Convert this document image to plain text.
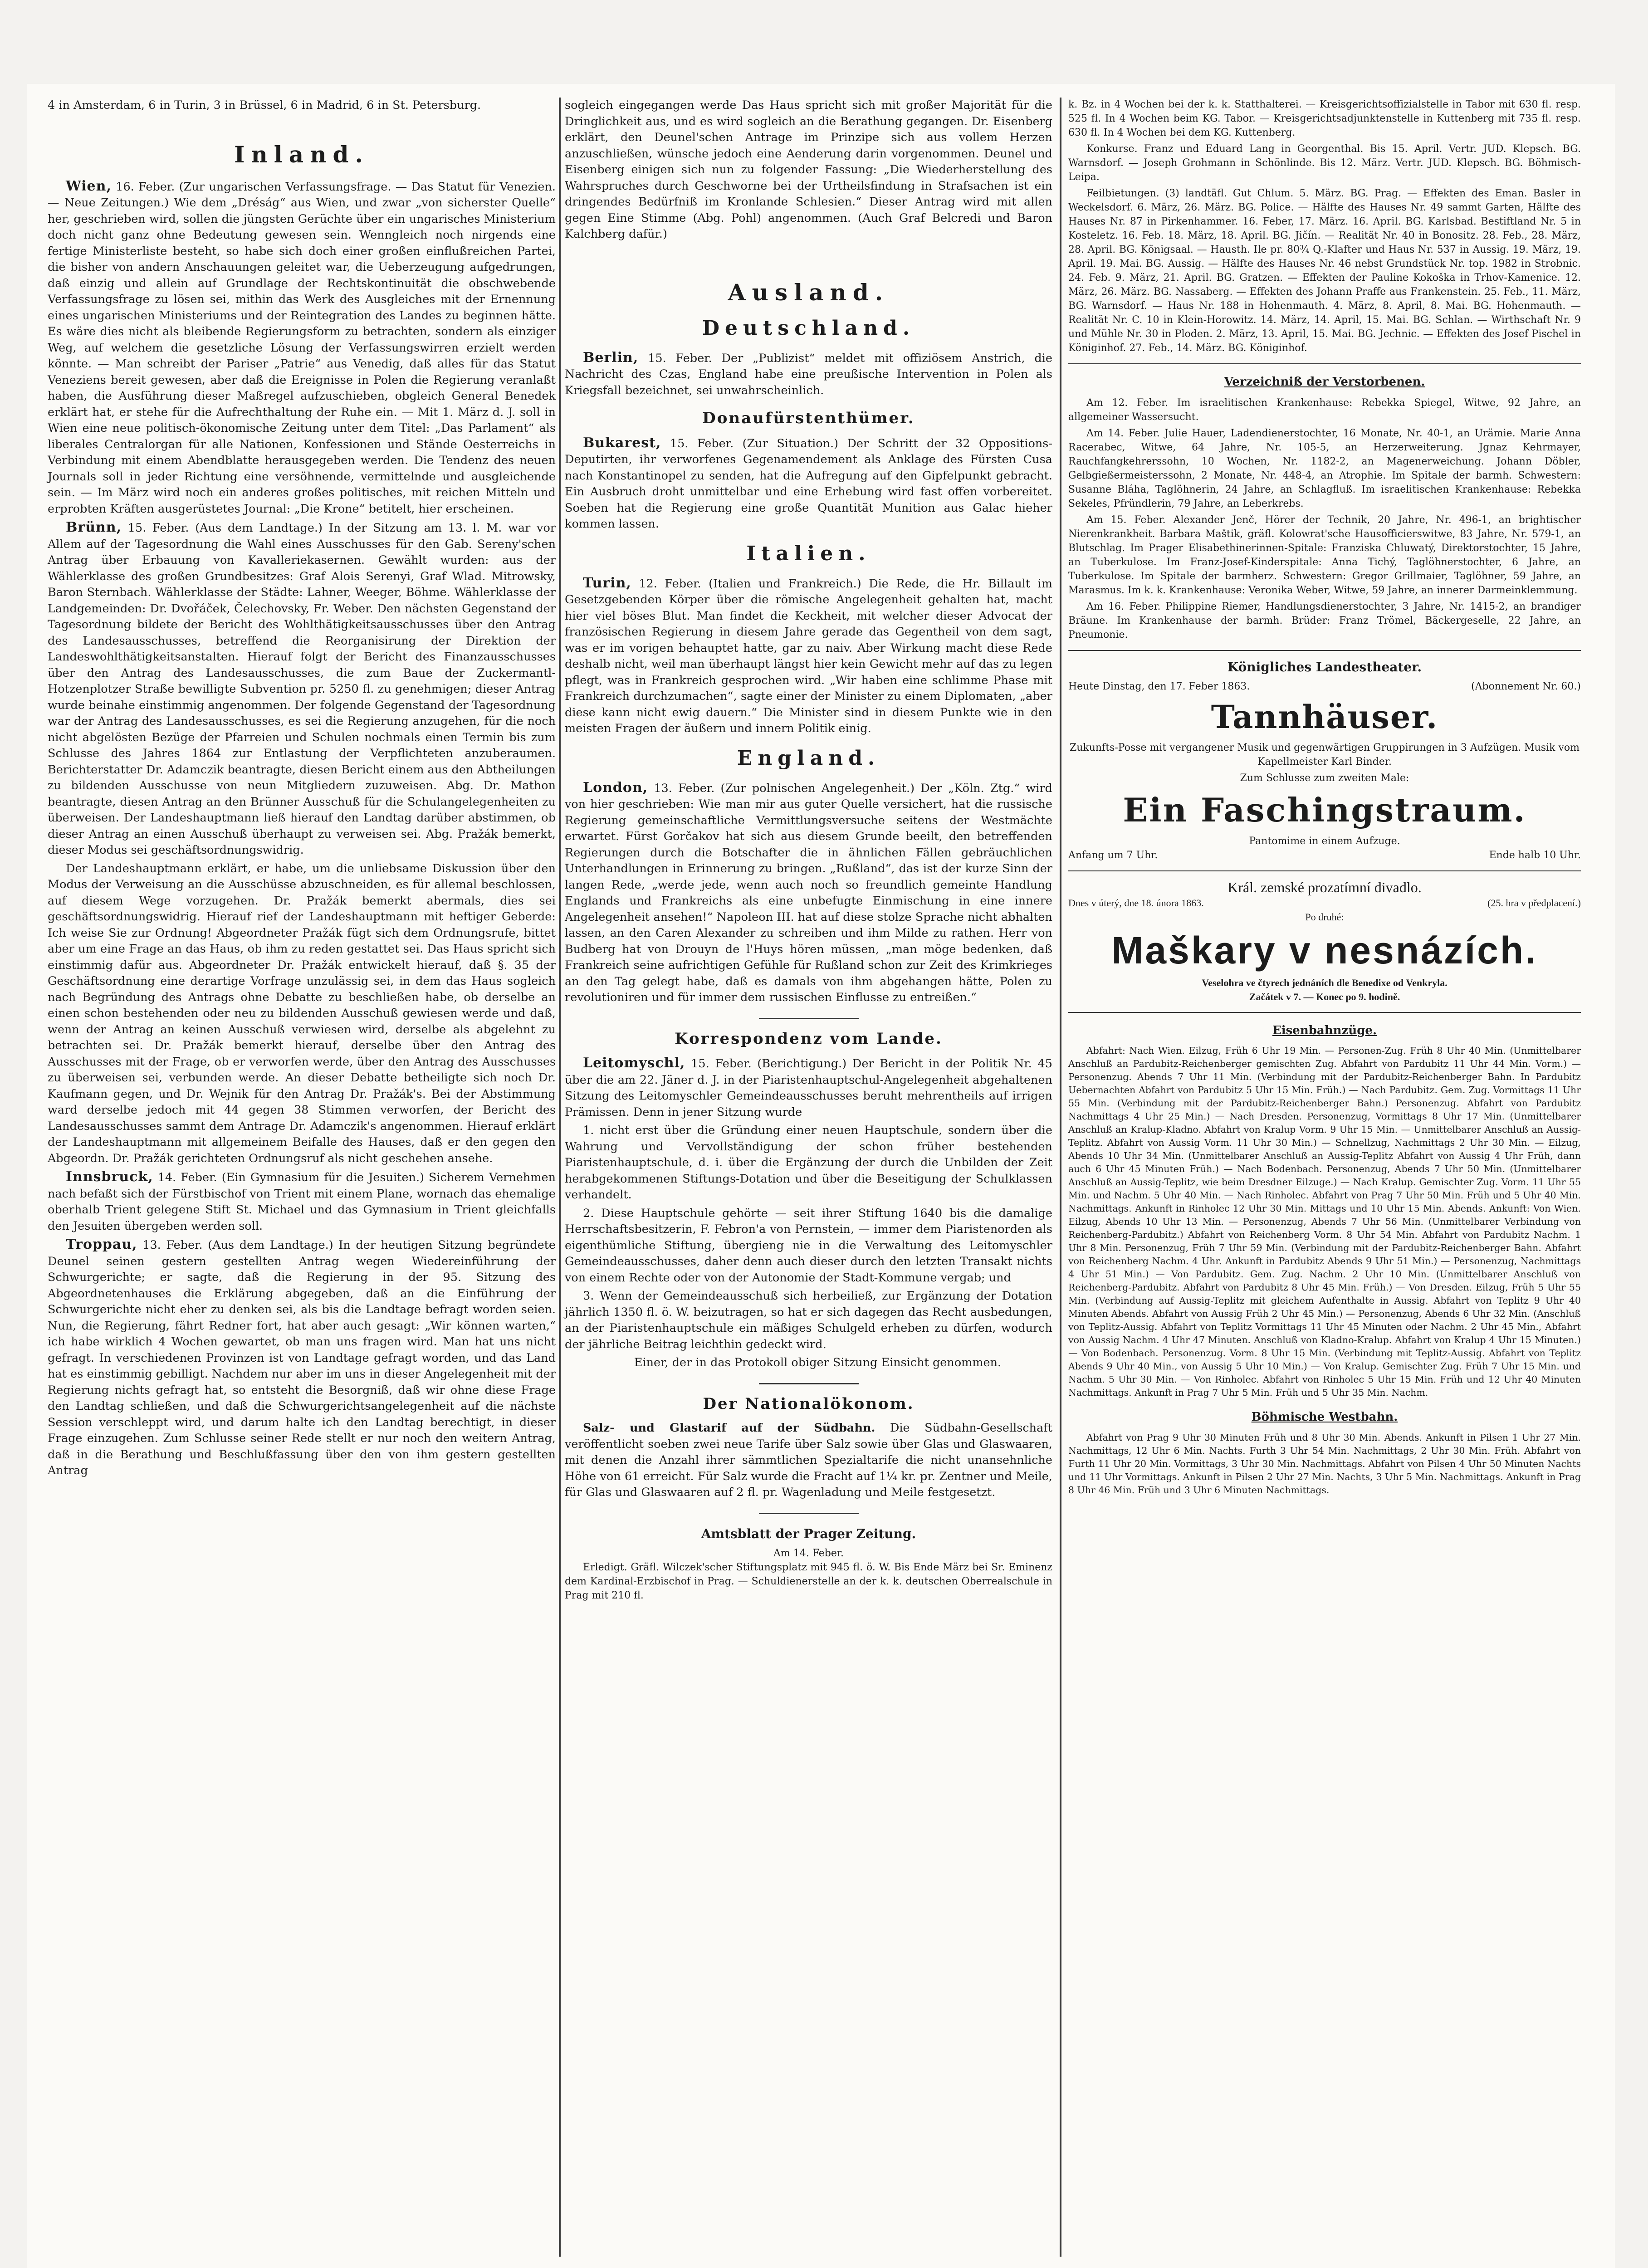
4 in Amsterdam, 6 in Turin, 3 in Brüssel, 6 in Madrid, 6 in St. Petersburg.

Inland.

Wien, 16. Feber. (Zur ungarischen Verfassungsfrage. — Das Statut für Venezien. — Neue Zeitungen.) Wie dem „Dréság“ aus Wien, und zwar „von sicherster Quelle“ her, geschrieben wird, sollen die jüngsten Gerüchte über ein ungarisches Ministerium doch nicht ganz ohne Bedeutung gewesen sein. Wenngleich noch nirgends eine fertige Ministerliste besteht, so habe sich doch einer großen einflußreichen Partei, die bisher von andern Anschauungen geleitet war, die Ueberzeugung aufgedrungen, daß einzig und allein auf Grundlage der Rechtskontinuität die obschwebende Verfassungsfrage zu lösen sei, mithin das Werk des Ausgleiches mit der Ernennung eines ungarischen Ministeriums und der Reintegration des Landes zu beginnen hätte. Es wäre dies nicht als bleibende Regierungsform zu betrachten, sondern als einziger Weg, auf welchem die gesetzliche Lösung der Verfassungswirren erzielt werden könnte. — Man schreibt der Pariser „Patrie“ aus Venedig, daß alles für das Statut Veneziens bereit gewesen, aber daß die Ereignisse in Polen die Regierung veranlaßt haben, die Ausführung dieser Maßregel aufzuschieben, obgleich General Benedek erklärt hat, er stehe für die Aufrechthaltung der Ruhe ein. — Mit 1. März d. J. soll in Wien eine neue politisch-ökonomische Zeitung unter dem Titel: „Das Parlament“ als liberales Centralorgan für alle Nationen, Konfessionen und Stände Oesterreichs in Verbindung mit einem Abendblatte herausgegeben werden. Die Tendenz des neuen Journals soll in jeder Richtung eine versöhnende, vermittelnde und ausgleichende sein. — Im März wird noch ein anderes großes politisches, mit reichen Mitteln und erprobten Kräften ausgerüstetes Journal: „Die Krone“ betitelt, hier erscheinen.

Brünn, 15. Feber. (Aus dem Landtage.) In der Sitzung am 13. l. M. war vor Allem auf der Tagesordnung die Wahl eines Ausschusses für den Gab. Sereny'schen Antrag über Erbauung von Kavalleriekasernen. Gewählt wurden: aus der Wählerklasse des großen Grundbesitzes: Graf Alois Serenyi, Graf Wlad. Mitrowsky, Baron Sternbach. Wählerklasse der Städte: Lahner, Weeger, Böhme. Wählerklasse der Landgemeinden: Dr. Dvořáček, Čelechovsky, Fr. Weber. Den nächsten Gegenstand der Tagesordnung bildete der Bericht des Wohlthätigkeitsausschusses über den Antrag des Landesausschusses, betreffend die Reorganisirung der Direktion der Landeswohlthätigkeitsanstalten. Hierauf folgt der Bericht des Finanzausschusses über den Antrag des Landesausschusses, die zum Baue der Zuckermantl-Hotzenplotzer Straße bewilligte Subvention pr. 5250 fl. zu genehmigen; dieser Antrag wurde beinahe einstimmig angenommen. Der folgende Gegenstand der Tagesordnung war der Antrag des Landesausschusses, es sei die Regierung anzugehen, für die noch nicht abgelösten Bezüge der Pfarreien und Schulen nochmals einen Termin bis zum Schlusse des Jahres 1864 zur Entlastung der Verpflichteten anzuberaumen. Berichterstatter Dr. Adamczik beantragte, diesen Bericht einem aus den Abtheilungen zu bildenden Ausschusse von neun Mitgliedern zuzuweisen. Abg. Dr. Mathon beantragte, diesen Antrag an den Brünner Ausschuß für die Schulangelegenheiten zu überweisen. Der Landeshauptmann ließ hierauf den Landtag darüber abstimmen, ob dieser Antrag an einen Ausschuß überhaupt zu verweisen sei. Abg. Pražák bemerkt, dieser Modus sei geschäftsordnungswidrig.

Der Landeshauptmann erklärt, er habe, um die unliebsame Diskussion über den Modus der Verweisung an die Ausschüsse abzuschneiden, es für allemal beschlossen, auf diesem Wege vorzugehen. Dr. Pražák bemerkt abermals, dies sei geschäftsordnungswidrig. Hierauf rief der Landeshauptmann mit heftiger Geberde: Ich weise Sie zur Ordnung! Abgeordneter Pražák fügt sich dem Ordnungsrufe, bittet aber um eine Frage an das Haus, ob ihm zu reden gestattet sei. Das Haus spricht sich einstimmig dafür aus. Abgeordneter Dr. Pražák entwickelt hierauf, daß §. 35 der Geschäftsordnung eine derartige Vorfrage unzulässig sei, in dem das Haus sogleich nach Begründung des Antrags ohne Debatte zu beschließen habe, ob derselbe an einen schon bestehenden oder neu zu bildenden Ausschuß gewiesen werde und daß, wenn der Antrag an keinen Ausschuß verwiesen wird, derselbe als abgelehnt zu betrachten sei. Dr. Pražák bemerkt hierauf, derselbe über den Antrag des Ausschusses mit der Frage, ob er verworfen werde, über den Antrag des Ausschusses zu überweisen sei, verbunden werde. An dieser Debatte betheiligte sich noch Dr. Kaufmann gegen, und Dr. Wejnik für den Antrag Dr. Pražák's. Bei der Abstimmung ward derselbe jedoch mit 44 gegen 38 Stimmen verworfen, der Bericht des Landesausschusses sammt dem Antrage Dr. Adamczik's angenommen. Hierauf erklärt der Landeshauptmann mit allgemeinem Beifalle des Hauses, daß er den gegen den Abgeordn. Dr. Pražák gerichteten Ordnungsruf als nicht geschehen ansehe.

Innsbruck, 14. Feber. (Ein Gymnasium für die Jesuiten.) Sicherem Vernehmen nach befaßt sich der Fürstbischof von Trient mit einem Plane, wornach das ehemalige oberhalb Trient gelegene Stift St. Michael und das Gymnasium in Trient gleichfalls den Jesuiten übergeben werden soll.

Troppau, 13. Feber. (Aus dem Landtage.) In der heutigen Sitzung begründete Deunel seinen gestern gestellten Antrag wegen Wiedereinführung der Schwurgerichte; er sagte, daß die Regierung in der 95. Sitzung des Abgeordnetenhauses die Erklärung abgegeben, daß an die Einführung der Schwurgerichte nicht eher zu denken sei, als bis die Landtage befragt worden seien. Nun, die Regierung, fährt Redner fort, hat aber auch gesagt: „Wir können warten,“ ich habe wirklich 4 Wochen gewartet, ob man uns fragen wird. Man hat uns nicht gefragt. In verschiedenen Provinzen ist von Landtage gefragt worden, und das Land hat es einstimmig gebilligt. Nachdem nur aber im uns in dieser Angelegenheit mit der Regierung nichts gefragt hat, so entsteht die Besorgniß, daß wir ohne diese Frage den Landtag schließen, und daß die Schwurgerichtsangelegenheit auf die nächste Session verschleppt wird, und darum halte ich den Landtag berechtigt, in dieser Frage einzugehen. Zum Schlusse seiner Rede stellt er nur noch den weitern Antrag, daß in die Berathung und Beschlußfassung über den von ihm gestern gestellten Antrag

sogleich eingegangen werde Das Haus spricht sich mit großer Majorität für die Dringlichkeit aus, und es wird sogleich an die Berathung gegangen. Dr. Eisenberg erklärt, den Deunel'schen Antrage im Prinzipe sich aus vollem Herzen anzuschließen, wünsche jedoch eine Aenderung darin vorgenommen. Deunel und Eisenberg einigen sich nun zu folgender Fassung: „Die Wiederherstellung des Wahrspruches durch Geschworne bei der Urtheilsfindung in Strafsachen ist ein dringendes Bedürfniß im Kronlande Schlesien.“ Dieser Antrag wird mit allen gegen Eine Stimme (Abg. Pohl) angenommen. (Auch Graf Belcredi und Baron Kalchberg dafür.)

Ausland.
Deutschland.

Berlin, 15. Feber. Der „Publizist“ meldet mit offiziösem Anstrich, die Nachricht des Czas, England habe eine preußische Intervention in Polen als Kriegsfall bezeichnet, sei unwahrscheinlich.

Donaufürstenthümer.

Bukarest, 15. Feber. (Zur Situation.) Der Schritt der 32 Oppositions-Deputirten, ihr verworfenes Gegenamendement als Anklage des Fürsten Cusa nach Konstantinopel zu senden, hat die Aufregung auf den Gipfelpunkt gebracht. Ein Ausbruch droht unmittelbar und eine Erhebung wird fast offen vorbereitet. Soeben hat die Regierung eine große Quantität Munition aus Galac hieher kommen lassen.

Italien.

Turin, 12. Feber. (Italien und Frankreich.) Die Rede, die Hr. Billault im Gesetzgebenden Körper über die römische Angelegenheit gehalten hat, macht hier viel böses Blut. Man findet die Keckheit, mit welcher dieser Advocat der französischen Regierung in diesem Jahre gerade das Gegentheil von dem sagt, was er im vorigen behauptet hatte, gar zu naiv. Aber Wirkung macht diese Rede deshalb nicht, weil man überhaupt längst hier kein Gewicht mehr auf das zu legen pflegt, was in Frankreich gesprochen wird. „Wir haben eine schlimme Phase mit Frankreich durchzumachen“, sagte einer der Minister zu einem Diplomaten, „aber diese kann nicht ewig dauern.“ Die Minister sind in diesem Punkte wie in den meisten Fragen der äußern und innern Politik einig.

England.

London, 13. Feber. (Zur polnischen Angelegenheit.) Der „Köln. Ztg.“ wird von hier geschrieben: Wie man mir aus guter Quelle versichert, hat die russische Regierung gemeinschaftliche Vermittlungsversuche seitens der Westmächte erwartet. Fürst Gorčakov hat sich aus diesem Grunde beeilt, den betreffenden Regierungen durch die Botschafter die in ähnlichen Fällen gebräuchlichen Unterhandlungen in Erinnerung zu bringen. „Rußland“, das ist der kurze Sinn der langen Rede, „werde jede, wenn auch noch so freundlich gemeinte Handlung Englands und Frankreichs als eine unbefugte Einmischung in eine innere Angelegenheit ansehen!“ Napoleon III. hat auf diese stolze Sprache nicht abhalten lassen, an den Caren Alexander zu schreiben und ihm Milde zu rathen. Herr von Budberg hat von Drouyn de l'Huys hören müssen, „man möge bedenken, daß Frankreich seine aufrichtigen Gefühle für Rußland schon zur Zeit des Krimkrieges an den Tag gelegt habe, daß es damals von ihm abgehangen hätte, Polen zu revolutioniren und für immer dem russischen Einflusse zu entreißen.“

Korrespondenz vom Lande.

Leitomyschl, 15. Feber. (Berichtigung.) Der Bericht in der Politik Nr. 45 über die am 22. Jäner d. J. in der Piaristenhauptschul-Angelegenheit abgehaltenen Sitzung des Leitomyschler Gemeindeausschusses beruht mehrentheils auf irrigen Prämissen. Denn in jener Sitzung wurde

1. nicht erst über die Gründung einer neuen Hauptschule, sondern über die Wahrung und Vervollständigung der schon früher bestehenden Piaristenhauptschule, d. i. über die Ergänzung der durch die Unbilden der Zeit herabgekommenen Stiftungs-Dotation und über die Beseitigung der Schulklassen verhandelt.

2. Diese Hauptschule gehörte — seit ihrer Stiftung 1640 bis die damalige Herrschaftsbesitzerin, F. Febron'a von Pernstein, — immer dem Piaristenorden als eigenthümliche Stiftung, übergieng nie in die Verwaltung des Leitomyschler Gemeindeausschusses, daher denn auch dieser durch den letzten Transakt nichts von einem Rechte oder von der Autonomie der Stadt-Kommune vergab; und

3. Wenn der Gemeindeausschuß sich herbeiließ, zur Ergänzung der Dotation jährlich 1350 fl. ö. W. beizutragen, so hat er sich dagegen das Recht ausbedungen, an der Piaristenhauptschule ein mäßiges Schulgeld erheben zu dürfen, wodurch der jährliche Beitrag leichthin gedeckt wird.

Einer, der in das Protokoll obiger Sitzung Einsicht genommen.

Der Nationalökonom.

Salz- und Glastarif auf der Südbahn. Die Südbahn-Gesellschaft veröffentlicht soeben zwei neue Tarife über Salz sowie über Glas und Glaswaaren, mit denen die Anzahl ihrer sämmtlichen Spezialtarife die nicht unansehnliche Höhe von 61 erreicht. Für Salz wurde die Fracht auf 1¼ kr. pr. Zentner und Meile, für Glas und Glaswaaren auf 2 fl. pr. Wagenladung und Meile festgesetzt.

Amtsblatt der Prager Zeitung.
Am 14. Feber.

Erledigt. Gräfl. Wilczek'scher Stiftungsplatz mit 945 fl. ö. W. Bis Ende März bei Sr. Eminenz dem Kardinal-Erzbischof in Prag. — Schuldienerstelle an der k. k. deutschen Oberrealschule in Prag mit 210 fl.

k. Bz. in 4 Wochen bei der k. k. Statthalterei. — Kreisgerichtsoffizialstelle in Tabor mit 630 fl. resp. 525 fl. In 4 Wochen beim KG. Tabor. — Kreisgerichtsadjunktenstelle in Kuttenberg mit 735 fl. resp. 630 fl. In 4 Wochen bei dem KG. Kuttenberg.

Konkurse. Franz und Eduard Lang in Georgenthal. Bis 15. April. Vertr. JUD. Klepsch. BG. Warnsdorf. — Joseph Grohmann in Schönlinde. Bis 12. März. Vertr. JUD. Klepsch. BG. Böhmisch-Leipa.

Feilbietungen. (3) landtäfl. Gut Chlum. 5. März. BG. Prag. — Effekten des Eman. Basler in Weckelsdorf. 6. März, 26. März. BG. Police. — Hälfte des Hauses Nr. 49 sammt Garten, Hälfte des Hauses Nr. 87 in Pirkenhammer. 16. Feber, 17. März. 16. April. BG. Karlsbad. Bestiftland Nr. 5 in Kosteletz. 16. Feb. 18. März, 18. April. BG. Jičín. — Realität Nr. 40 in Bonositz. 28. Feb., 28. März, 28. April. BG. Königsaal. — Hausth. Ile pr. 80¾ Q.-Klafter und Haus Nr. 537 in Aussig. 19. März, 19. April. 19. Mai. BG. Aussig. — Hälfte des Hauses Nr. 46 nebst Grundstück Nr. top. 1982 in Strobnic. 24. Feb. 9. März, 21. April. BG. Gratzen. — Effekten der Pauline Kokoška in Trhov-Kamenice. 12. März, 26. März. BG. Nassaberg. — Effekten des Johann Praffe aus Frankenstein. 25. Feb., 11. März, BG. Warnsdorf. — Haus Nr. 188 in Hohenmauth. 4. März, 8. April, 8. Mai. BG. Hohenmauth. — Realität Nr. C. 10 in Klein-Horowitz. 14. März, 14. April, 15. Mai. BG. Schlan. — Wirthschaft Nr. 9 und Mühle Nr. 30 in Ploden. 2. März, 13. April, 15. Mai. BG. Jechnic. — Effekten des Josef Pischel in Königinhof. 27. Feb., 14. März. BG. Königinhof.

Verzeichniß der Verstorbenen.

Am 12. Feber. Im israelitischen Krankenhause: Rebekka Spiegel, Witwe, 92 Jahre, an allgemeiner Wassersucht.

Am 14. Feber. Julie Hauer, Ladendienerstochter, 16 Monate, Nr. 40-1, an Urämie. Marie Anna Racerabec, Witwe, 64 Jahre, Nr. 105-5, an Herzerweiterung. Jgnaz Kehrmayer, Rauchfangkehrerssohn, 10 Wochen, Nr. 1182-2, an Magenerweichung. Johann Döbler, Gelbgießermeisterssohn, 2 Monate, Nr. 448-4, an Atrophie. Im Spitale der barmh. Schwestern: Susanne Bláha, Taglöhnerin, 24 Jahre, an Schlagfluß. Im israelitischen Krankenhause: Rebekka Sekeles, Pfründlerin, 79 Jahre, an Leberkrebs.

Am 15. Feber. Alexander Jenč, Hörer der Technik, 20 Jahre, Nr. 496-1, an brightischer Nierenkrankheit. Barbara Maštik, gräfl. Kolowrat'sche Hausofficierswitwe, 83 Jahre, Nr. 579-1, an Blutschlag. Im Prager Elisabethinerinnen-Spitale: Franziska Chluwatý, Direktorstochter, 15 Jahre, an Tuberkulose. Im Franz-Josef-Kinderspitale: Anna Tichý, Taglöhnerstochter, 6 Jahre, an Tuberkulose. Im Spitale der barmherz. Schwestern: Gregor Grillmaier, Taglöhner, 59 Jahre, an Marasmus. Im k. k. Krankenhause: Veronika Weber, Witwe, 59 Jahre, an innerer Darmeinklemmung.

Am 16. Feber. Philippine Riemer, Handlungsdienerstochter, 3 Jahre, Nr. 1415-2, an brandiger Bräune. Im Krankenhause der barmh. Brüder: Franz Trömel, Bäckergeselle, 22 Jahre, an Pneumonie.

Königliches Landestheater.
Heute Dinstag, den 17. Feber 1863.	(Abonnement Nr. 60.)
Tannhäuser.

Zukunfts-Posse mit vergangener Musik und gegenwärtigen Gruppirungen in 3 Aufzügen. Musik vom Kapellmeister Karl Binder.

Zum Schlusse zum zweiten Male:
Ein Faschingstraum.
Pantomime in einem Aufzuge.
Anfang um 7 Uhr.	Ende halb 10 Uhr.
Král. zemské prozatímní divadlo.
Dnes v úterý, dne 18. února 1863.	(25. hra v předplacení.)
Po druhé:
Maškary v nesnázích.
Veselohra ve čtyrech jednáních dle Benedixe od Venkryla.
Začátek v 7. — Konec po 9. hodině.
Eisenbahnzüge.

Abfahrt: Nach Wien. Eilzug, Früh 6 Uhr 19 Min. — Personen-Zug. Früh 8 Uhr 40 Min. (Unmittelbarer Anschluß an Pardubitz-Reichenberger gemischten Zug. Abfahrt von Pardubitz 11 Uhr 44 Min. Vorm.) — Personenzug. Abends 7 Uhr 11 Min. (Verbindung mit der Pardubitz-Reichenberger Bahn. In Pardubitz Uebernachten Abfahrt von Pardubitz 5 Uhr 15 Min. Früh.) — Nach Pardubitz. Gem. Zug. Vormittags 11 Uhr 55 Min. (Verbindung mit der Pardubitz-Reichenberger Bahn.) Personenzug. Abfahrt von Pardubitz Nachmittags 4 Uhr 25 Min.) — Nach Dresden. Personenzug, Vormittags 8 Uhr 17 Min. (Unmittelbarer Anschluß an Kralup-Kladno. Abfahrt von Kralup Vorm. 9 Uhr 15 Min. — Unmittelbarer Anschluß an Aussig-Teplitz. Abfahrt von Aussig Vorm. 11 Uhr 30 Min.) — Schnellzug, Nachmittags 2 Uhr 30 Min. — Eilzug, Abends 10 Uhr 34 Min. (Unmittelbarer Anschluß an Aussig-Teplitz Abfahrt von Aussig 4 Uhr Früh, dann auch 6 Uhr 45 Minuten Früh.) — Nach Bodenbach. Personenzug, Abends 7 Uhr 50 Min. (Unmittelbarer Anschluß an Aussig-Teplitz, wie beim Dresdner Eilzuge.) — Nach Kralup. Gemischter Zug. Vorm. 11 Uhr 55 Min. und Nachm. 5 Uhr 40 Min. — Nach Rinholec. Abfahrt von Prag 7 Uhr 50 Min. Früh und 5 Uhr 40 Min. Nachmittags. Ankunft in Rinholec 12 Uhr 30 Min. Mittags und 10 Uhr 15 Min. Abends. Ankunft: Von Wien. Eilzug, Abends 10 Uhr 13 Min. — Personenzug, Abends 7 Uhr 56 Min. (Unmittelbarer Verbindung von Reichenberg-Pardubitz.) Abfahrt von Reichenberg Vorm. 8 Uhr 54 Min. Abfahrt von Pardubitz Nachm. 1 Uhr 8 Min. Personenzug, Früh 7 Uhr 59 Min. (Verbindung mit der Pardubitz-Reichenberger Bahn. Abfahrt von Reichenberg Nachm. 4 Uhr. Ankunft in Pardubitz Abends 9 Uhr 51 Min.) — Personenzug, Nachmittags 4 Uhr 51 Min.) — Von Pardubitz. Gem. Zug. Nachm. 2 Uhr 10 Min. (Unmittelbarer Anschluß von Reichenberg-Pardubitz. Abfahrt von Pardubitz 8 Uhr 45 Min. Früh.) — Von Dresden. Eilzug, Früh 5 Uhr 55 Min. (Verbindung auf Aussig-Teplitz mit gleichem Aufenthalte in Aussig. Abfahrt von Teplitz 9 Uhr 40 Minuten Abends. Abfahrt von Aussig Früh 2 Uhr 45 Min.) — Personenzug, Abends 6 Uhr 32 Min. (Anschluß von Teplitz-Aussig. Abfahrt von Teplitz Vormittags 11 Uhr 45 Minuten oder Nachm. 2 Uhr 45 Min., Abfahrt von Aussig Nachm. 4 Uhr 47 Minuten. Anschluß von Kladno-Kralup. Abfahrt von Kralup 4 Uhr 15 Minuten.) — Von Bodenbach. Personenzug. Vorm. 8 Uhr 15 Min. (Verbindung mit Teplitz-Aussig. Abfahrt von Teplitz Abends 9 Uhr 40 Min., von Aussig 5 Uhr 10 Min.) — Von Kralup. Gemischter Zug. Früh 7 Uhr 15 Min. und Nachm. 5 Uhr 30 Min. — Von Rinholec. Abfahrt von Rinholec 5 Uhr 15 Min. Früh und 12 Uhr 40 Minuten Nachmittags. Ankunft in Prag 7 Uhr 5 Min. Früh und 5 Uhr 35 Min. Nachm.

Böhmische Westbahn.

Abfahrt von Prag 9 Uhr 30 Minuten Früh und 8 Uhr 30 Min. Abends. Ankunft in Pilsen 1 Uhr 27 Min. Nachmittags, 12 Uhr 6 Min. Nachts. Furth 3 Uhr 54 Min. Nachmittags, 2 Uhr 30 Min. Früh. Abfahrt von Furth 11 Uhr 20 Min. Vormittags, 3 Uhr 30 Min. Nachmittags. Abfahrt von Pilsen 4 Uhr 50 Minuten Nachts und 11 Uhr Vormittags. Ankunft in Pilsen 2 Uhr 27 Min. Nachts, 3 Uhr 5 Min. Nachmittags. Ankunft in Prag 8 Uhr 46 Min. Früh und 3 Uhr 6 Minuten Nachmittags.
